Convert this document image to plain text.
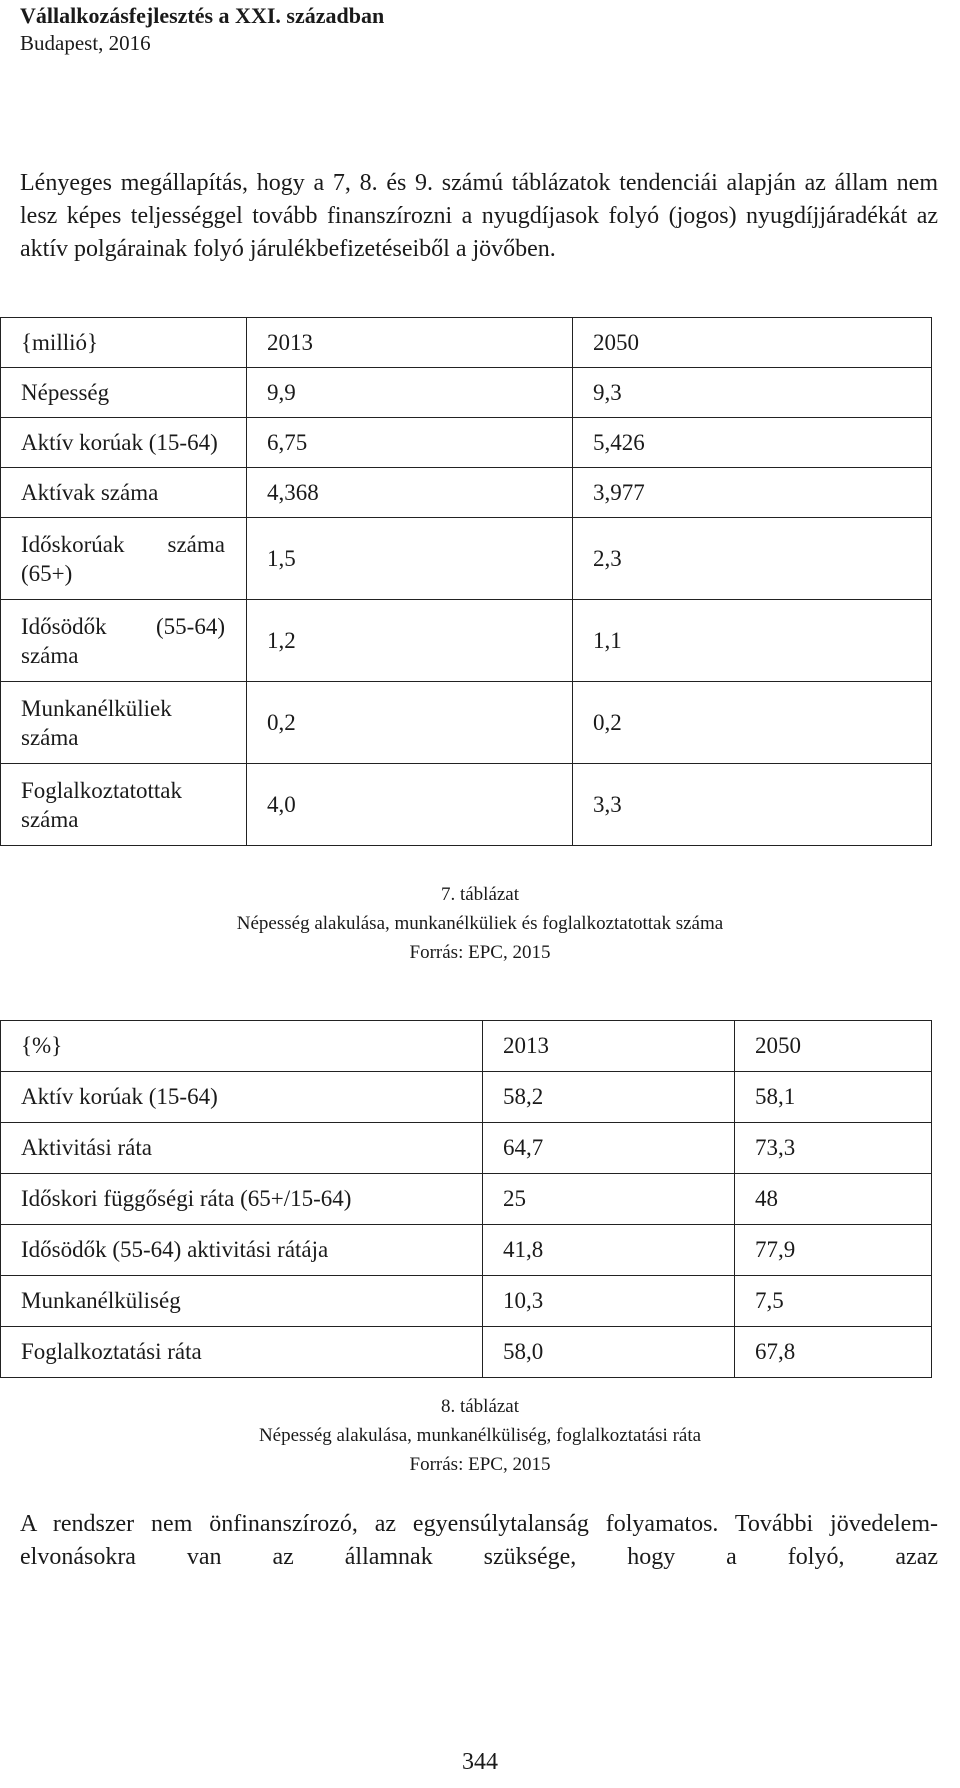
Vállalkozásfejlesztés a XXI. században
Budapest, 2016

Lényeges megállapítás, hogy a 7, 8. és 9. számú táblázatok tendenciái alapján az állam nem lesz képes teljességgel tovább finanszírozni a nyugdíjasok folyó (jogos) nyugdíjjáradékát az aktív polgárainak folyó járulékbefizetéseiből a jövőben.

{millió}	2013	2050
Népesség	9,9	9,3
Aktív korúak (15-64)	6,75	5,426
Aktívak száma	4,368	3,977

Időskorúak száma
(65+)	1,5	2,3

Idősödők (55-64)
száma	1,2	1,1

Munkanélküliek
száma	0,2	0,2

Foglalkoztatottak
száma	4,0	3,3
7. táblázat
Népesség alakulása, munkanélküliek és foglalkoztatottak száma
Forrás: EPC, 2015
{%}	2013	2050
Aktív korúak (15-64)	58,2	58,1
Aktivitási ráta	64,7	73,3
Időskori függőségi ráta (65+/15-64)	25	48
Idősödők (55-64) aktivitási rátája	41,8	77,9
Munkanélküliség	10,3	7,5
Foglalkoztatási ráta	58,0	67,8
8. táblázat
Népesség alakulása, munkanélküliség, foglalkoztatási ráta
Forrás: EPC, 2015

A rendszer nem önfinanszírozó, az egyensúlytalanság folyamatos. További jövedelem-elvonásokra van az államnak szüksége, hogy a folyó, azaz

344
